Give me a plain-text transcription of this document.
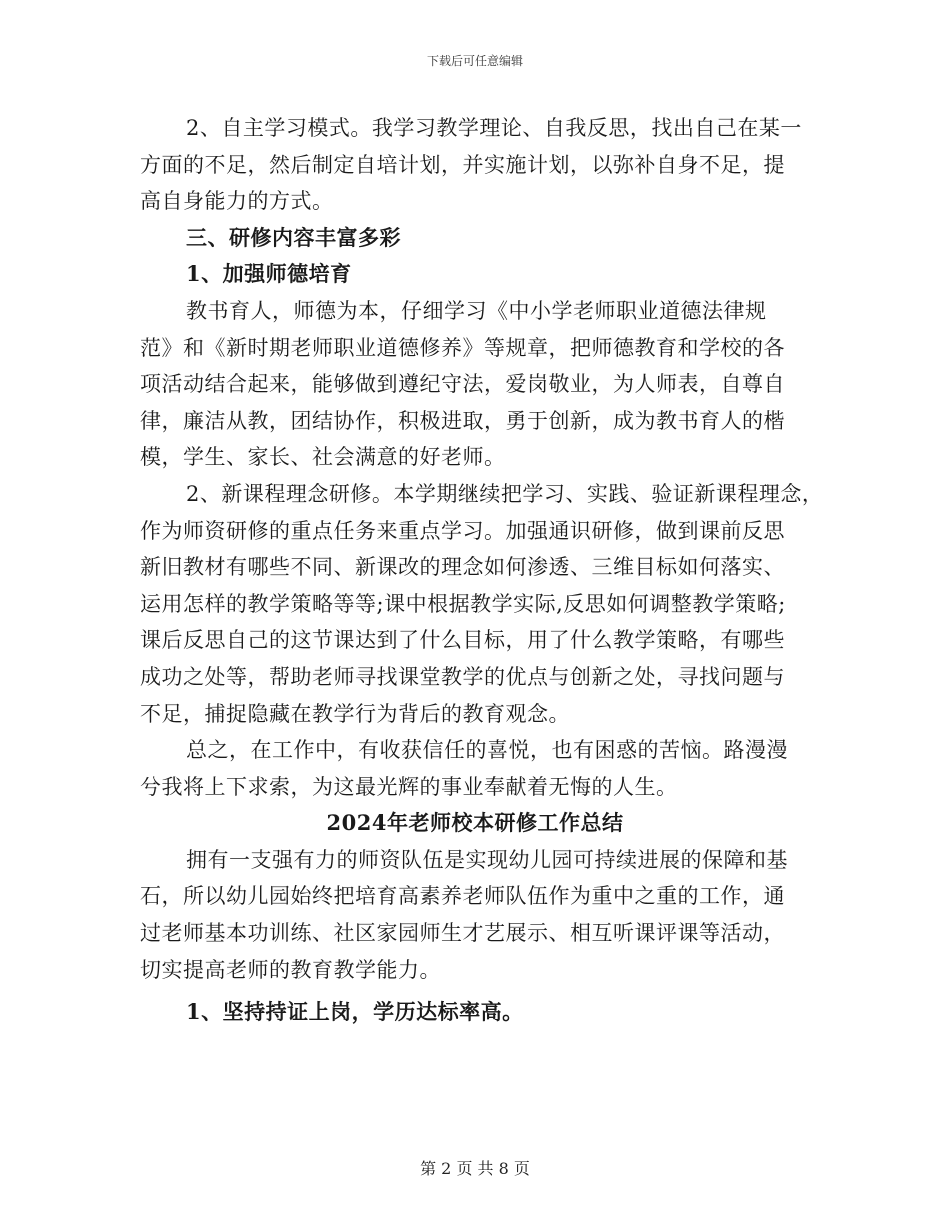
下载后可任意编辑
2、自主学习模式。我学习教学理论、自我反思，找出自己在某一
方面的不足，然后制定自培计划，并实施计划，以弥补自身不足，提
高自身能力的方式。
三、研修内容丰富多彩
1、加强师德培育
教书育人，师德为本，仔细学习《中小学老师职业道德法律规
范》和《新时期老师职业道德修养》等规章，把师德教育和学校的各
项活动结合起来，能够做到遵纪守法，爱岗敬业，为人师表，自尊自
律，廉洁从教，团结协作，积极进取，勇于创新，成为教书育人的楷
模，学生、家长、社会满意的好老师。
2、新课程理念研修。本学期继续把学习、实践、验证新课程理念，
作为师资研修的重点任务来重点学习。加强通识研修，做到课前反思
新旧教材有哪些不同、新课改的理念如何渗透、三维目标如何落实、
运用怎样的教学策略等等;课中根据教学实际,反思如何调整教学策略;
课后反思自己的这节课达到了什么目标，用了什么教学策略，有哪些
成功之处等，帮助老师寻找课堂教学的优点与创新之处，寻找问题与
不足，捕捉隐藏在教学行为背后的教育观念。
总之，在工作中，有收获信任的喜悦，也有困惑的苦恼。路漫漫
兮我将上下求索，为这最光辉的事业奉献着无悔的人生。
2024年老师校本研修工作总结
拥有一支强有力的师资队伍是实现幼儿园可持续进展的保障和基
石，所以幼儿园始终把培育高素养老师队伍作为重中之重的工作，通
过老师基本功训练、社区家园师生才艺展示、相互听课评课等活动，
切实提高老师的教育教学能力。
1、坚持持证上岗，学历达标率高。
第 2 页 共 8 页
